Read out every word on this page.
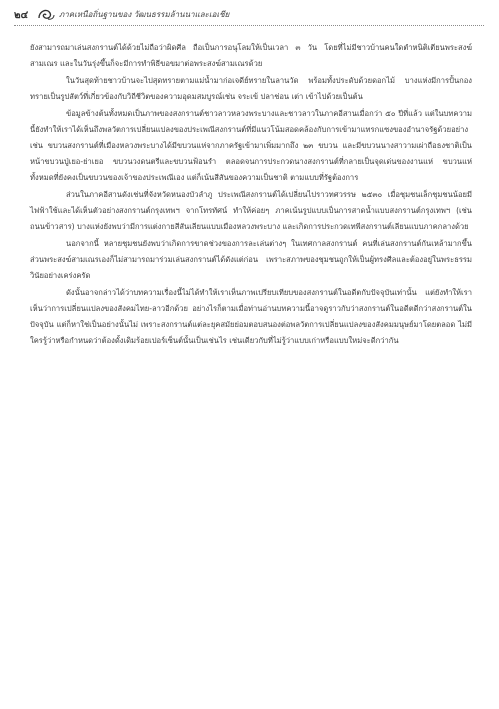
๒๔	ภาคเหนือถิ่นฐานของ วัฒนธรรมล้านนาและเอเชีย

ยังสามารถมาเล่นสงกรานต์ได้ด้วยไม่ถือว่าผิดศีล ถือเป็นการอนุโลมให้เป็นเวลา ๓ วัน โดยที่ไม่มีชาวบ้านคนใดตำหนิติเตียนพระสงฆ์สามเณร และในวันรุ่งขึ้นก็จะมีการทำพิธีขอขมาต่อพระสงฆ์สามเณรด้วย

ในวันสุดท้ายชาวบ้านจะไปสุดทรายตามแม่น้ำมาก่อเจดีย์ทรายในลานวัด พร้อมทั้งประดับด้วยดอกไม้ บางแห่งมีการปั้นกองทรายเป็นรูปสัตว์ที่เกี่ยวข้องกับวิถีชีวิตของความอุดมสมบูรณ์เช่น จระเข้ ปลาช่อน เต่า เข้าไปด้วยเป็นต้น

ข้อมูลข้างต้นทั้งหมดเป็นภาพของสงกรานต์ชาวลาวหลวงพระบางและชาวลาวในภาคอีสานเมื่อกว่า ๕๐ ปีที่แล้ว แต่ในบทความนี้ยังทำให้เราได้เห็นถึงพลวัตการเปลี่ยนแปลงของประเพณีสงกรานต์ที่มีแนวโน้มสอดคล้องกับการเข้ามาแทรกแซงของอำนาจรัฐด้วยอย่างเช่น ขบวนสงกรานต์ที่เมืองหลวงพระบางได้มีขบวนแห่จากภาครัฐเข้ามาเพิ่มมากถึง ๒๓ ขบวน และมีขบวนนางสาวามเผ่าถือธงชาติเป็นหน้าขบวนปู่เยอ-ย่าเยอ ขบวนวงดนตรีและขบวนฟ้อนรำ ตลอดจนการประกวดนางสงกรานต์ที่กลายเป็นจุดเด่นของงานแห่ ขบวนแห่ทั้งหมดที่ยังคงเป็นขบวนของเจ้าของประเพณีเอง แต่ก็เน้นสีสันของความเป็นชาติ ตามแบบที่รัฐต้องการ

ส่วนในภาคอีสานดังเช่นที่จังหวัดหนองบัวลำภู ประเพณีสงกรานต์ได้เปลี่ยนไปราวทศวรรษ ๒๕๓๐ เมื่อชุมชนเล็กชุมชนน้อยมีไฟฟ้าใช้และได้เห็นตัวอย่างสงกรานต์กรุงเทพฯ จากโทรทัศน์ ทำให้ค่อยๆ ภาคเน้นรูปแบบเป็นการสาดน้ำแบบสงกรานต์กรุงเทพฯ (เช่นถนนข้าวสาร) บางแห่งยังพบว่ามีการแต่งกายสีสันเลียนแบบเมืองหลวงพระบาง และเกิดการประกวดเทพีสงกรานต์เลียนแบบภาคกลางด้วย

นอกจากนี้ หลายชุมชนยังพบว่าเกิดการขาดช่วงของการละเล่นต่างๆ ในเทศกาลสงกรานต์ คนที่เล่นสงกรานต์กันเหล้ามากขึ้น ส่วนพระสงฆ์สามเณรเองก็ไม่สามารถมาร่วมเล่นสงกรานต์ได้ดังแต่ก่อน เพราะสภาพของชุมชนถูกให้เป็นผู้ทรงศีลและต้องอยู่ในพระธรรมวินัยอย่างเคร่งครัด

ดังนั้นอาจกล่าวได้ว่าบทความเรื่องนี้ไม่ได้ทำให้เราเห็นภาพเปรียบเทียบของสงกรานต์ในอดีตกับปัจจุบันเท่านั้น แต่ยังทำให้เราเห็นว่าการเปลี่ยนแปลงของสังคมไทย-ลาวอีกด้วย อย่างไรก็ตามเมื่อท่านอ่านบทความนี้อาจดูราวกับว่าสงกรานต์ในอดีตดีกว่าสงกรานต์ในปัจจุบัน แต่ก็หาใช่เป็นอย่างนั้นไม่ เพราะสงกรานต์แต่ละยุคสมัยย่อมตอบสนองต่อพลวัตการเปลี่ยนแปลงของสังคมมนุษย์มาโดยตลอด ไม่มีใครรู้ว่าหรือกำหนดว่าต้องดั้งเดิมร้อยเปอร์เซ็นต์นั้นเป็นเช่นไร เช่นเดียวกับที่ไม่รู้ว่าแบบเก่าหรือแบบใหม่จะดีกว่ากัน
